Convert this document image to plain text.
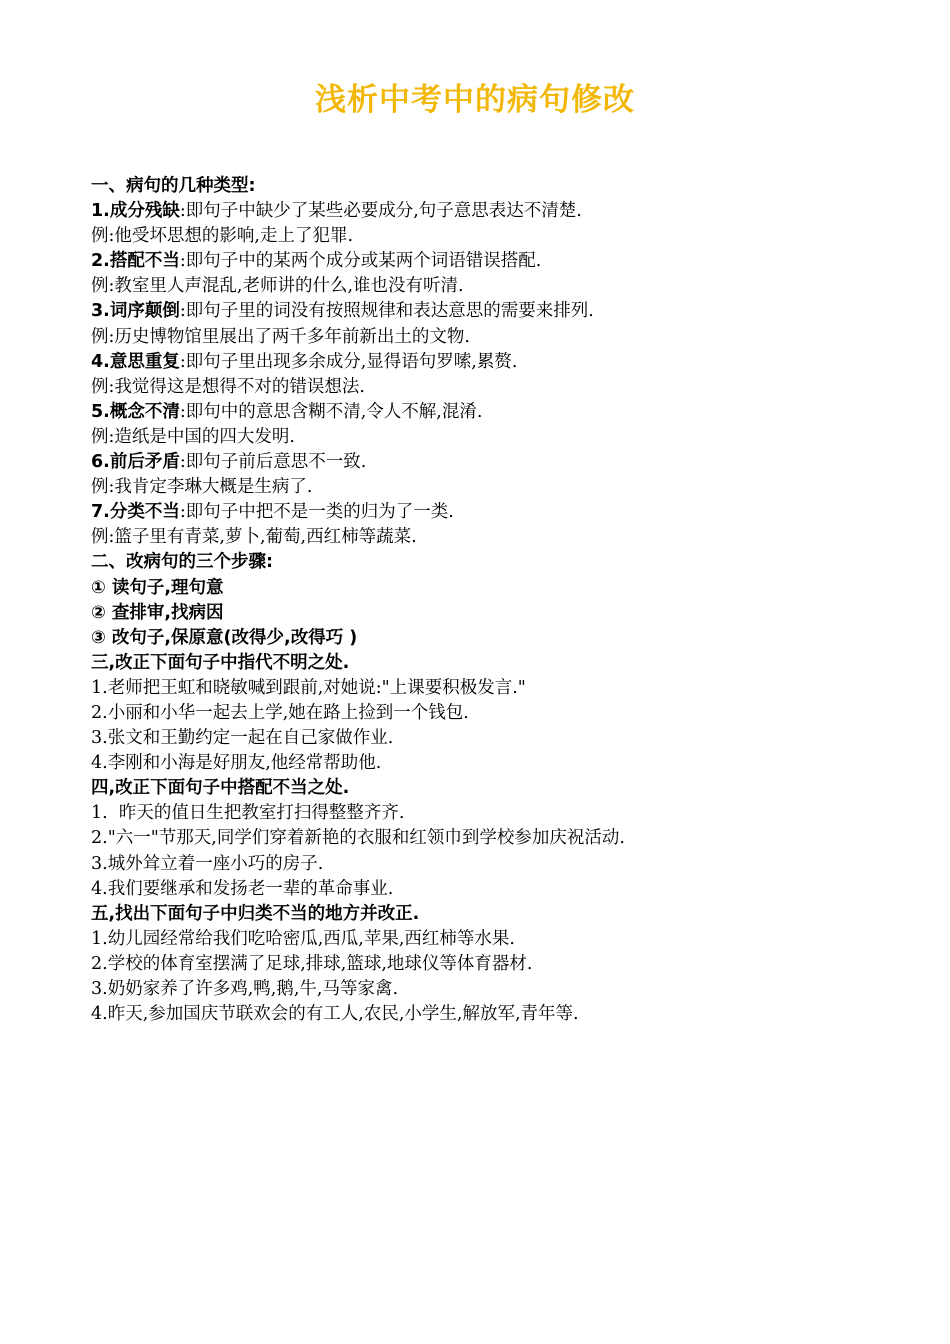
浅析中考中的病句修改
一、病句的几种类型:
1.成分残缺:即句子中缺少了某些必要成分,句子意思表达不清楚.
例:他受坏思想的影响,走上了犯罪.
2.搭配不当:即句子中的某两个成分或某两个词语错误搭配.
例:教室里人声混乱,老师讲的什么,谁也没有听清.
3.词序颠倒:即句子里的词没有按照规律和表达意思的需要来排列.
例:历史博物馆里展出了两千多年前新出土的文物.
4.意思重复:即句子里出现多余成分,显得语句罗嗦,累赘.
例:我觉得这是想得不对的错误想法.
5.概念不清:即句中的意思含糊不清,令人不解,混淆.
例:造纸是中国的四大发明.
6.前后矛盾:即句子前后意思不一致.
例:我肯定李琳大概是生病了.
7.分类不当:即句子中把不是一类的归为了一类.
例:篮子里有青菜,萝卜,葡萄,西红柿等蔬菜.
二、改病句的三个步骤:
① 读句子,理句意
② 查排审,找病因
③ 改句子,保原意(改得少,改得巧 )
三,改正下面句子中指代不明之处.
1.老师把王虹和晓敏喊到跟前,对她说:"上课要积极发言."
2.小丽和小华一起去上学,她在路上捡到一个钱包.
3.张文和王勤约定一起在自己家做作业.
4.李刚和小海是好朋友,他经常帮助他.
四,改正下面句子中搭配不当之处.
1.  昨天的值日生把教室打扫得整整齐齐.
2."六一"节那天,同学们穿着新艳的衣服和红领巾到学校参加庆祝活动.
3.城外耸立着一座小巧的房子.
4.我们要继承和发扬老一辈的革命事业.
五,找出下面句子中归类不当的地方并改正.
1.幼儿园经常给我们吃哈密瓜,西瓜,苹果,西红柿等水果.
2.学校的体育室摆满了足球,排球,篮球,地球仪等体育器材.
3.奶奶家养了许多鸡,鸭,鹅,牛,马等家禽.
4.昨天,参加国庆节联欢会的有工人,农民,小学生,解放军,青年等.
